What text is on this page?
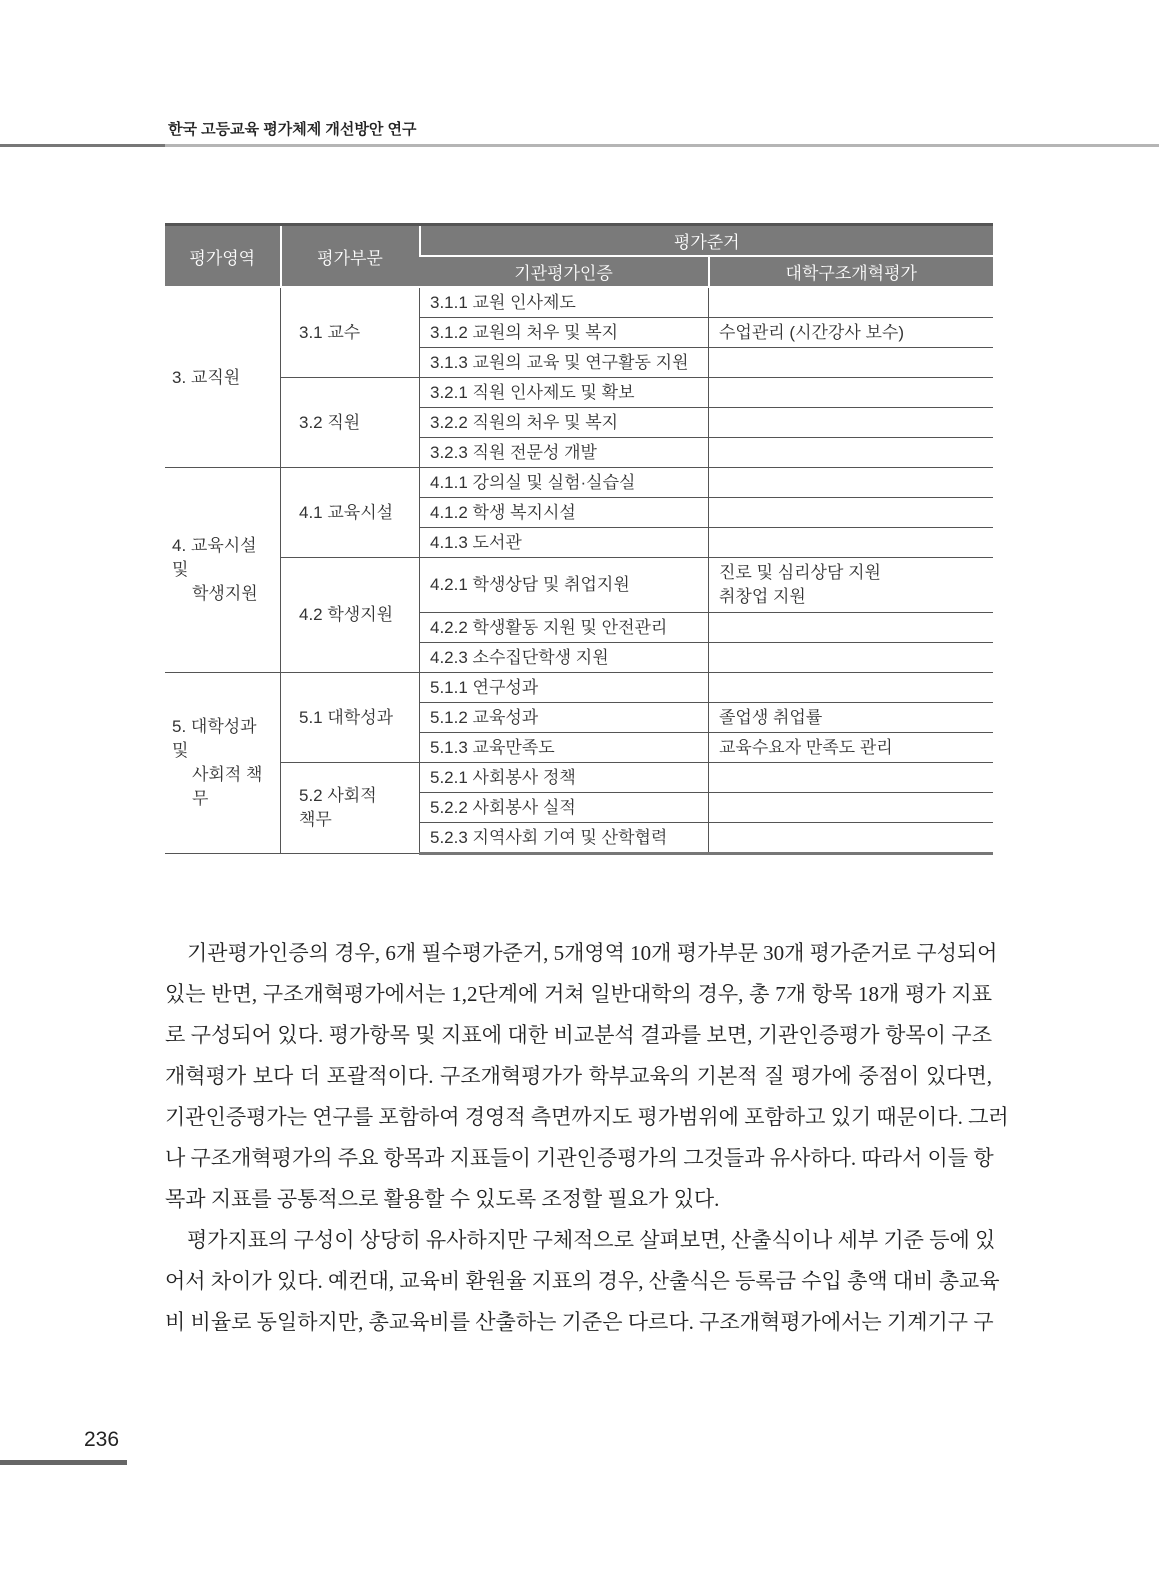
한국 고등교육 평가체제 개선방안 연구
평가영역	평가부문	평가준거	
		기관평가인증	대학구조개혁평가
3. 교직원	3.1 교수	3.1.1 교원 인사제도	
		3.1.2 교원의 처우 및 복지	수업관리 (시간강사 보수)
		3.1.3 교원의 교육 및 연구활동 지원	
	3.2 직원	3.2.1 직원 인사제도 및 확보	
		3.2.2 직원의 처우 및 복지	
		3.2.3 직원 전문성 개발	

4. 교육시설 및
학생지원	4.1 교육시설	4.1.1 강의실 및 실험·실습실	
		4.1.2 학생 복지시설	
		4.1.3 도서관	
	4.2 학생지원	4.2.1 학생상담 및 취업지원	진로 및 심리상담 지원
취창업 지원

		4.2.2 학생활동 지원 및 안전관리	
		4.2.3 소수집단학생 지원	

5. 대학성과 및
사회적 책무	5.1 대학성과	5.1.1 연구성과	
		5.1.2 교육성과	졸업생 취업률
		5.1.3 교육만족도	교육수요자 만족도 관리

	5.2 사회적
책무	5.2.1 사회봉사 정책	
		5.2.2 사회봉사 실적	
		5.2.3 지역사회 기여 및 산학협력	
기관평가인증의 경우, 6개 필수평가준거, 5개영역 10개 평가부문 30개 평가준거로 구성되어
있는 반면, 구조개혁평가에서는 1,2단계에 거쳐 일반대학의 경우, 총 7개 항목 18개 평가 지표
로 구성되어 있다. 평가항목 및 지표에 대한 비교분석 결과를 보면, 기관인증평가 항목이 구조
개혁평가 보다 더 포괄적이다. 구조개혁평가가 학부교육의 기본적 질 평가에 중점이 있다면,
기관인증평가는 연구를 포함하여 경영적 측면까지도 평가범위에 포함하고 있기 때문이다. 그러
나 구조개혁평가의 주요 항목과 지표들이 기관인증평가의 그것들과 유사하다. 따라서 이들 항
목과 지표를 공통적으로 활용할 수 있도록 조정할 필요가 있다.
평가지표의 구성이 상당히 유사하지만 구체적으로 살펴보면, 산출식이나 세부 기준 등에 있
어서 차이가 있다. 예컨대, 교육비 환원율 지표의 경우, 산출식은 등록금 수입 총액 대비 총교육
비 비율로 동일하지만, 총교육비를 산출하는 기준은 다르다. 구조개혁평가에서는 기계기구 구
236
